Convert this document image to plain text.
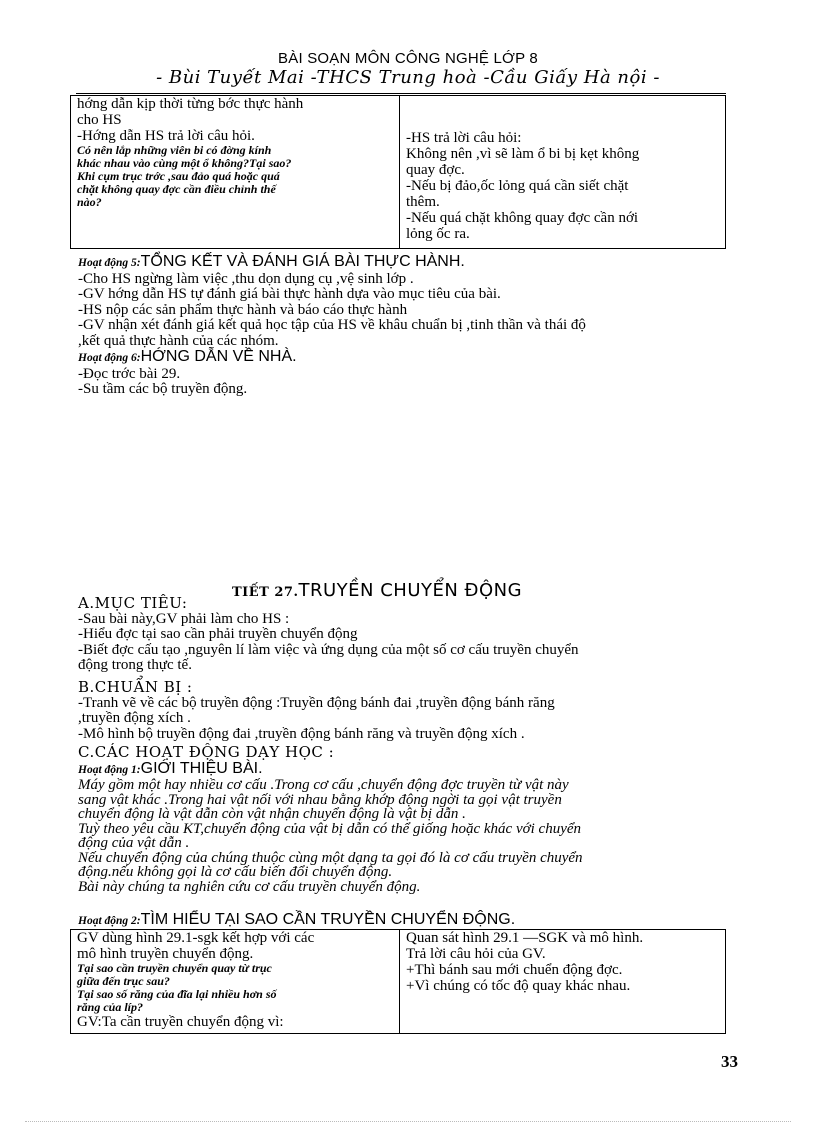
BÀI SOẠN MÔN CÔNG NGHỆ LỚP 8
- Bùi Tuyết Mai -THCS Trung hoà -Cầu Giấy Hà nội -
hớng dẫn kịp thời từng bớc thực hành
cho HS
-Hớng dẫn HS trả lời câu hỏi.
Có nên lắp những viên bi có đờng kính
khác nhau vào cùng một ổ không?Tại sao?
Khi cụm trục trớc ,sau đảo quá hoặc quá
chặt không quay đợc cần điều chỉnh thế
nào?

-HS trả lời câu hỏi:
Không nên ,vì sẽ làm ổ bi bị kẹt không
quay đợc.
-Nếu bị đảo,ốc lỏng quá cần siết chặt
thêm.
-Nếu quá chặt không quay đợc cần nới
lỏng ốc ra.
Hoạt động 5:TỔNG KẾT VÀ ĐÁNH GIÁ BÀI THỰC HÀNH.
-Cho HS ngừng làm việc ,thu dọn dụng cụ ,vệ sinh lớp .
-GV hớng dẫn HS tự đánh giá bài thực hành dựa vào mục tiêu của bài.
-HS nộp các sản phẩm thực hành và báo cáo thực hành
-GV nhận xét đánh giá kết quả học tập của HS về khâu chuẩn bị ,tinh thần và thái độ
,kết quả thực hành của các nhóm.
Hoạt động 6:HỚNG DẪN VỀ NHÀ.
-Đọc trớc bài 29.
-Su tầm các bộ truyền động.
TIẾT 27.TRUYỀN CHUYỂN ĐỘNG
A.MỤC TIÊU:
-Sau bài này,GV phải làm cho HS :
-Hiểu đợc tại sao cần phải truyền chuyển động
-Biết đợc cấu tạo ,nguyên lí làm việc và ứng dụng của một số cơ cấu truyền chuyển
động trong thực tế.
B.CHUẨN BỊ :
-Tranh vẽ về các bộ truyền động :Truyền động bánh đai ,truyền động bánh răng
,truyền động xích .
-Mô hình bộ truyền động đai ,truyền động bánh răng và truyền động xích .
C.CÁC HOẠT ĐỘNG DẠY HỌC :
Hoạt động 1:GIỚI THIỆU BÀI.
Máy gồm một hay nhiều cơ cấu .Trong cơ cấu ,chuyển động đợc truyền từ vật này
sang vật khác .Trong hai vật nối với nhau bằng khớp động ngời ta gọi vật truyền
chuyển động là vật dẫn còn vật nhận chuyển động là vật bị dẫn .
Tuỳ theo yêu cầu KT,chuyển động của vật bị dẫn có thể giống hoặc khác với chuyển
động của vật dẫn .
Nếu chuyển động của chúng thuộc cùng một dạng ta gọi đó là cơ cấu truyền chuyển
động.nếu không gọi là cơ cấu biến đổi chuyển động.
Bài này chúng ta nghiên cứu cơ cấu truyền chuyển động.
Hoạt động 2:TÌM HIỂU TẠI SAO CẦN TRUYỀN CHUYỂN ĐỘNG.
GV dùng hình 29.1-sgk kết hợp với các
mô hình truyền chuyển động.
Tại sao cần truyền chuyển quay từ trục
giữa đến trục sau?
Tại sao số răng của đĩa lại nhiều hơn số
răng của líp?
GV:Ta cần truyền chuyển động vì:

Quan sát hình 29.1 —SGK và mô hình.
Trả lời câu hỏi của GV.
+Thì bánh sau mới chuển động đợc.
+Vì chúng có tốc độ quay khác nhau.
33
